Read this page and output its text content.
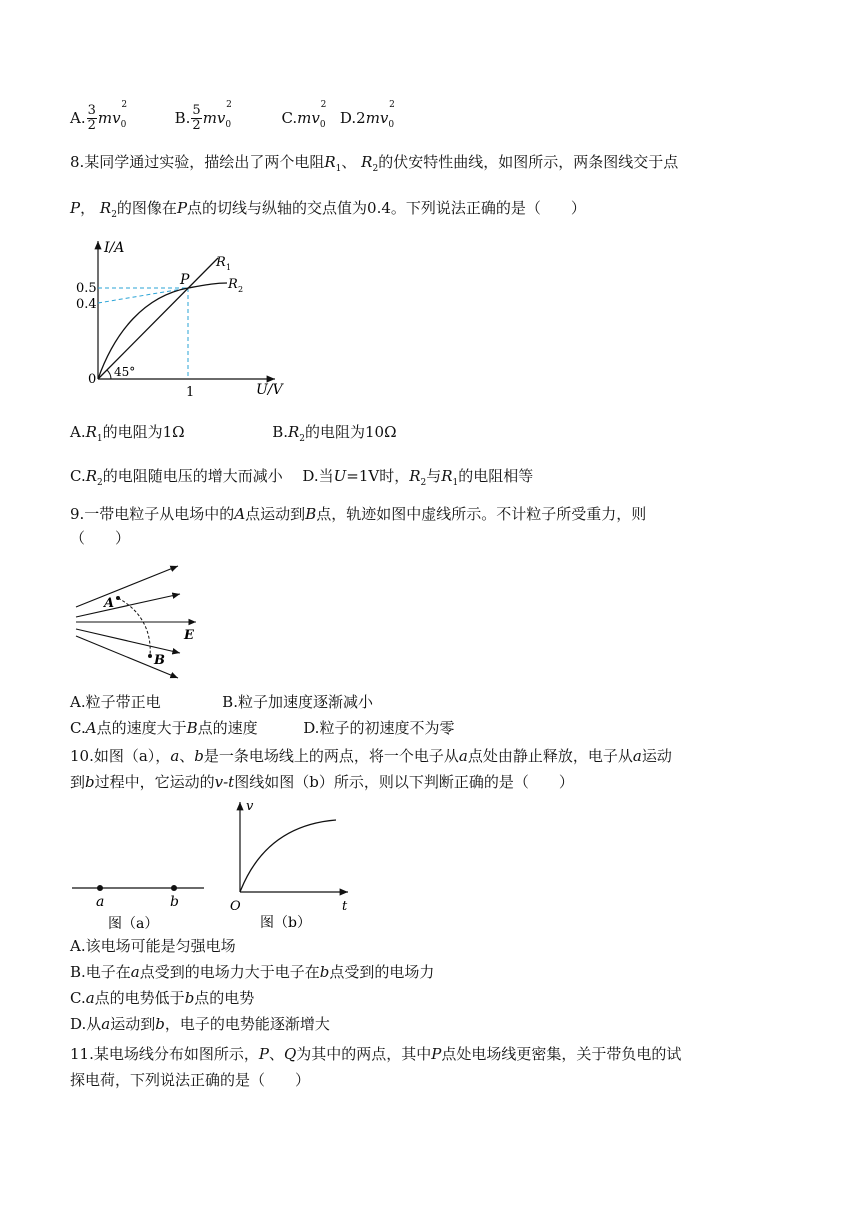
A. $\frac{3}{2} mv_0^2$  B. $\frac{5}{2} mv_0^2$  $C.mv_0^2$  $D.2mv_0^2$
8.某同学通过实验，描绘出了两个电阻$R_1$、 $R_2$的伏安特性曲线，如图所示，两条图线交于点
P， $R_2$的图像在P点的切线与纵轴的交点值为0.4。下列说法正确的是（　　）
I/A
U/V
0.5
0.4
0
1
45°
P
R 1
R 2
$A.R_1$的电阻为1Ω	$B.R_2$的电阻为10Ω
$C.R_2$的电阻随电压的增大而减小 D.当U=1V时，$R_2$与$R_1$的电阻相等
9.一带电粒子从电场中的A点运动到B点，轨迹如图中虚线所示。不计粒子所受重力，则
（　　）
A
B
E
A.粒子带正电	B.粒子加速度逐渐减小
C.A点的速度大于B点的速度	D.粒子的初速度不为零
10.如图（a），a、b是一条电场线上的两点，将一个电子从a点处由静止释放，电子从a运动
到b过程中，它运动的v-t图线如图（b）所示，则以下判断正确的是（　　）
a	b
图（a）
v
t
O
图（b）
A.该电场可能是匀强电场
B.电子在a点受到的电场力大于电子在b点受到的电场力
C.a点的电势低于b点的电势
D.从a运动到b，电子的电势能逐渐增大
11.某电场线分布如图所示，P、Q为其中的两点，其中P点处电场线更密集，关于带负电的试
探电荷，下列说法正确的是（　　）
